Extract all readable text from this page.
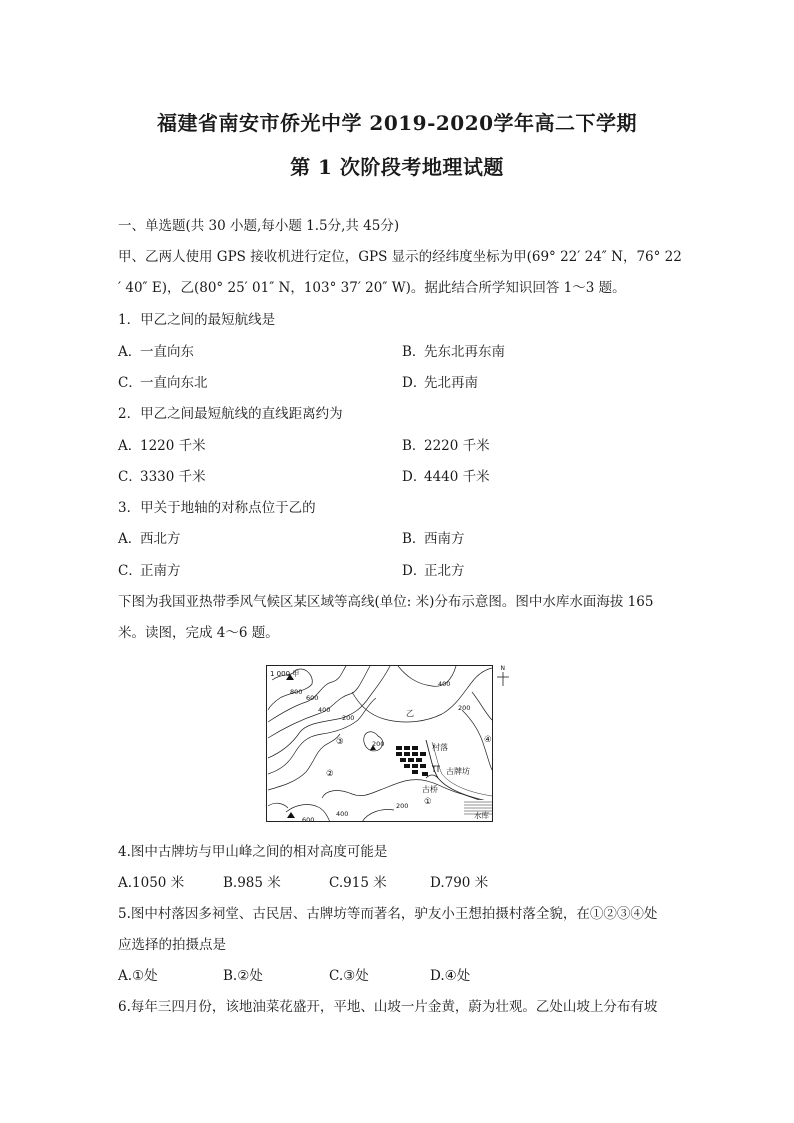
福建省南安市侨光中学 2019-2020学年高二下学期
第 1 次阶段考地理试题
一、单选题(共 30 小题,每小题 1.5分,共 45分)
甲、乙两人使用 GPS 接收机进行定位，GPS 显示的经纬度坐标为甲(69° 22′ 24″ N，76° 22
′ 40″ E)，乙(80° 25′ 01″ N，103° 37′ 20″ W)。据此结合所学知识回答 1～3 题。
1．甲乙之间的最短航线是
A．一直向东	B．先东北再东南
C．一直向东北	D．先北再南
2．甲乙之间最短航线的直线距离约为
A．1220 千米	B．2220 千米
C．3330 千米	D．4440 千米
3．甲关于地轴的对称点位于乙的
A．西北方	B．西南方
C．正南方	D．正北方
下图为我国亚热带季风气候区某区域等高线(单位: 米)分布示意图。图中水库水面海拔 165
米。读图，完成 4～6 题。
N
1 000 甲
800
600
400
200
400
200
200
200
400
600
乙
村落
古牌坊
古桥
水库
①
②
③	④
4.图中古牌坊与甲山峰之间的相对高度可能是
A.1050 米	B.985 米	C.915 米	D.790 米
5.图中村落因多祠堂、古民居、古牌坊等而著名，驴友小王想拍摄村落全貌，在①②③④处
应选择的拍摄点是
A.①处	B.②处	C.③处	D.④处
6.每年三四月份，该地油菜花盛开，平地、山坡一片金黄，蔚为壮观。乙处山坡上分布有坡
